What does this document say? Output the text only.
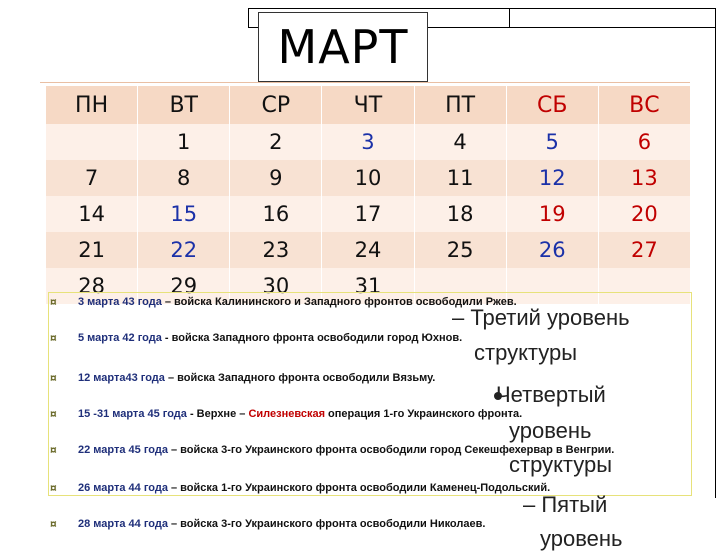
МАРТ
ПН	ВТ	СР	ЧТ	ПТ	СБ	ВС
	1	2	3	4	5	6
7	8	9	10	11	12	13
14	15	16	17	18	19	20
21	22	23	24	25	26	27
28	29	30	31			
– Третий уровень
структуры
Четвертый
уровень
структуры
– Пятый
уровень
¤ 3 марта 43 года – войска Калининского и Западного фронтов освободили Ржев.
¤ 5 марта 42 года - войска Западного фронта освободили город Юхнов.
¤ 12 марта43 года – войска Западного фронта освободили Вязьму.
¤ 15 -31 марта 45 года - Верхне – Силезневская операция 1-го Украинского фронта.
¤ 22 марта 45 года – войска 3-го Украинского фронта освободили город Секешфехервар в Венгрии.
¤ 26 марта 44 года – войска 1-го Украинского фронта освободили Каменец-Подольский.
¤ 28 марта 44 года – войска 3-го Украинского фронта освободили Николаев.
